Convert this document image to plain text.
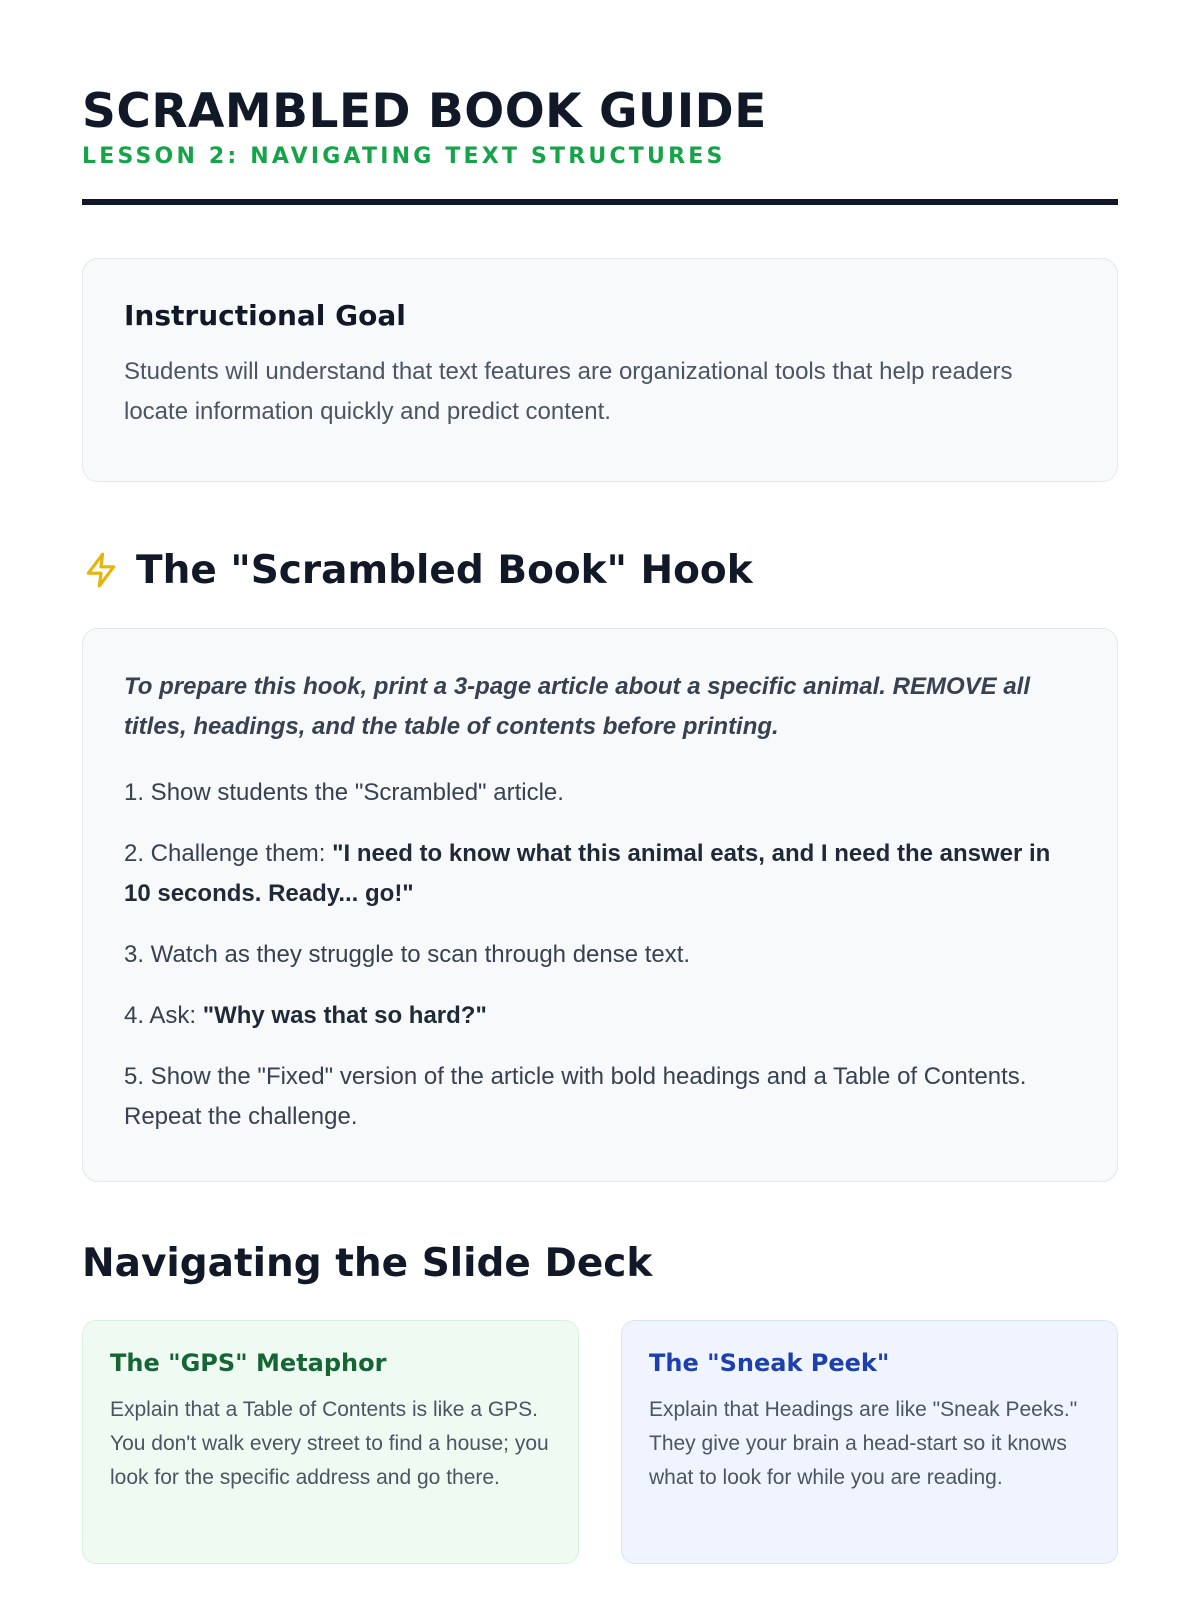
SCRAMBLED BOOK GUIDE
LESSON 2: NAVIGATING TEXT STRUCTURES
Instructional Goal

Students will understand that text features are organizational tools that help readers locate information quickly and predict content.

The "Scrambled Book" Hook

To prepare this hook, print a 3-page article about a specific animal. REMOVE all titles, headings, and the table of contents before printing.

1. Show students the "Scrambled" article.
2. Challenge them: "I need to know what this animal eats, and I need the answer in 10 seconds. Ready... go!"
3. Watch as they struggle to scan through dense text.
4. Ask: "Why was that so hard?"
5. Show the "Fixed" version of the article with bold headings and a Table of Contents. Repeat the challenge.
Navigating the Slide Deck
The "GPS" Metaphor

Explain that a Table of Contents is like a GPS. You don't walk every street to find a house; you look for the specific address and go there.

The "Sneak Peek"

Explain that Headings are like "Sneak Peeks." They give your brain a head-start so it knows what to look for while you are reading.
